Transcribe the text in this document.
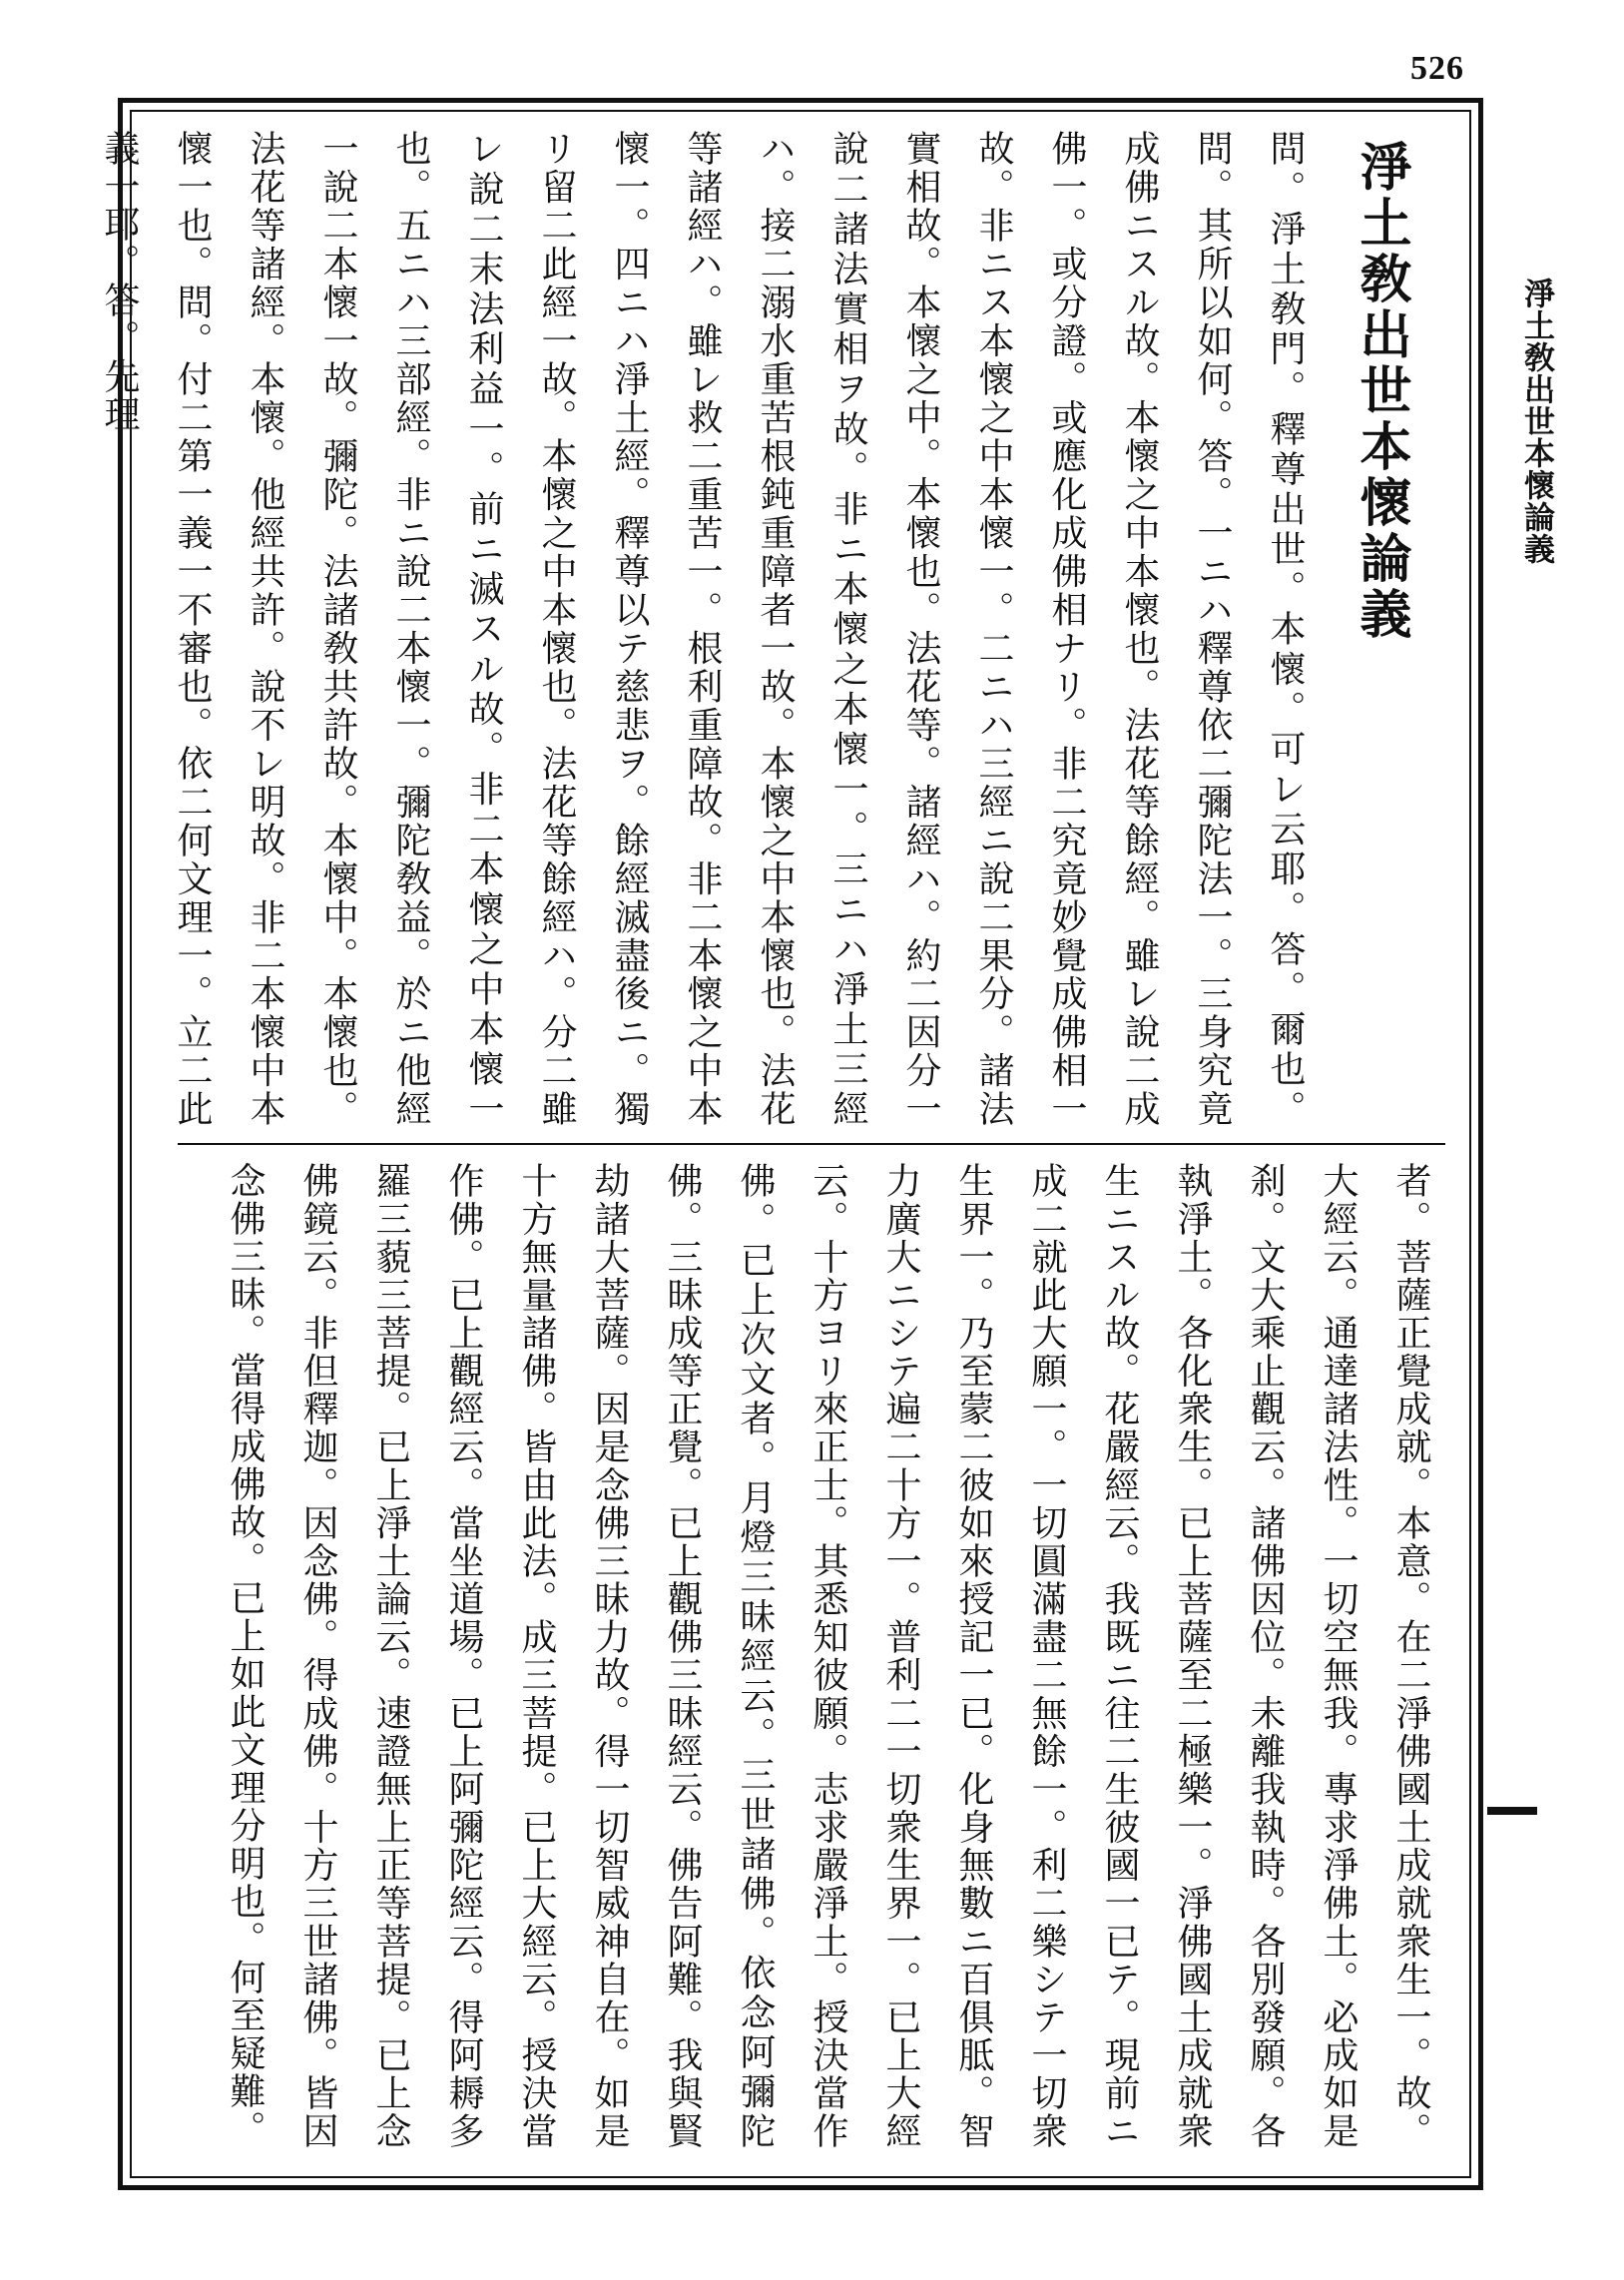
526
淨土敎出世本懷論義
淨土敎出世本懷論義

問。淨土敎門。釋尊出世。本懷。可レ云耶。答。爾也。問。其所以如何。答。一ニハ釋尊依二彌陀法一。三身究竟成佛ニスル故。本懷之中本懷也。法花等餘經。雖レ說二成佛一。或分證。或應化成佛相ナリ。非二究竟妙覺成佛相一故。非ニス本懷之中本懷一。二ニハ三經ニ說二果分。諸法實相故。本懷之中。本懷也。法花等。諸經ハ。約二因分一說二諸法實相ヲ故。非ニ本懷之本懷一。三ニハ淨土三經ハ。接二溺水重苦根鈍重障者一故。本懷之中本懷也。法花等諸經ハ。雖レ救二重苦一。根利重障故。非二本懷之中本懷一。四ニハ淨土經。釋尊以テ慈悲ヲ。餘經滅盡後ニ。獨リ留二此經一故。本懷之中本懷也。法花等餘經ハ。分二雖レ說二末法利益一。前ニ滅スル故。非二本懷之中本懷一也。五ニハ三部經。非ニ說二本懷一。彌陀敎益。於ニ他經一說二本懷一故。彌陀。法諸敎共許故。本懷中。本懷也。法花等諸經。本懷。他經共許。說不レ明故。非二本懷中本懷一也。問。付二第一義一不審也。依二何文理一。立二此義一耶。答。先理

者。菩薩正覺成就。本意。在二淨佛國土成就衆生一。故。大經云。通達諸法性。一切空無我。專求淨佛土。必成如是刹。文大乘止觀云。諸佛因位。未離我執時。各別發願。各執淨土。各化衆生。已上菩薩至二極樂一。淨佛國土成就衆生ニスル故。花嚴經云。我既ニ往二生彼國一已テ。現前ニ成二就此大願一。一切圓滿盡二無餘一。利二樂シテ一切衆生界一。乃至蒙二彼如來授記一已。化身無數ニ百俱胝。智力廣大ニシテ遍二十方一。普利二一切衆生界一。已上大經云。十方ヨリ來正士。其悉知彼願。志求嚴淨土。授決當作佛。已上次文者。月燈三昧經云。三世諸佛。依念阿彌陀佛。三昧成等正覺。已上觀佛三昧經云。佛告阿難。我與賢劫諸大菩薩。因是念佛三昧力故。得一切智威神自在。如是十方無量諸佛。皆由此法。成三菩提。已上大經云。授決當作佛。已上觀經云。當坐道場。已上阿彌陀經云。得阿耨多羅三藐三菩提。已上淨土論云。速證無上正等菩提。已上念佛鏡云。非但釋迦。因念佛。得成佛。十方三世諸佛。皆因念佛三昧。當得成佛故。已上如此文理分明也。何至疑難。
